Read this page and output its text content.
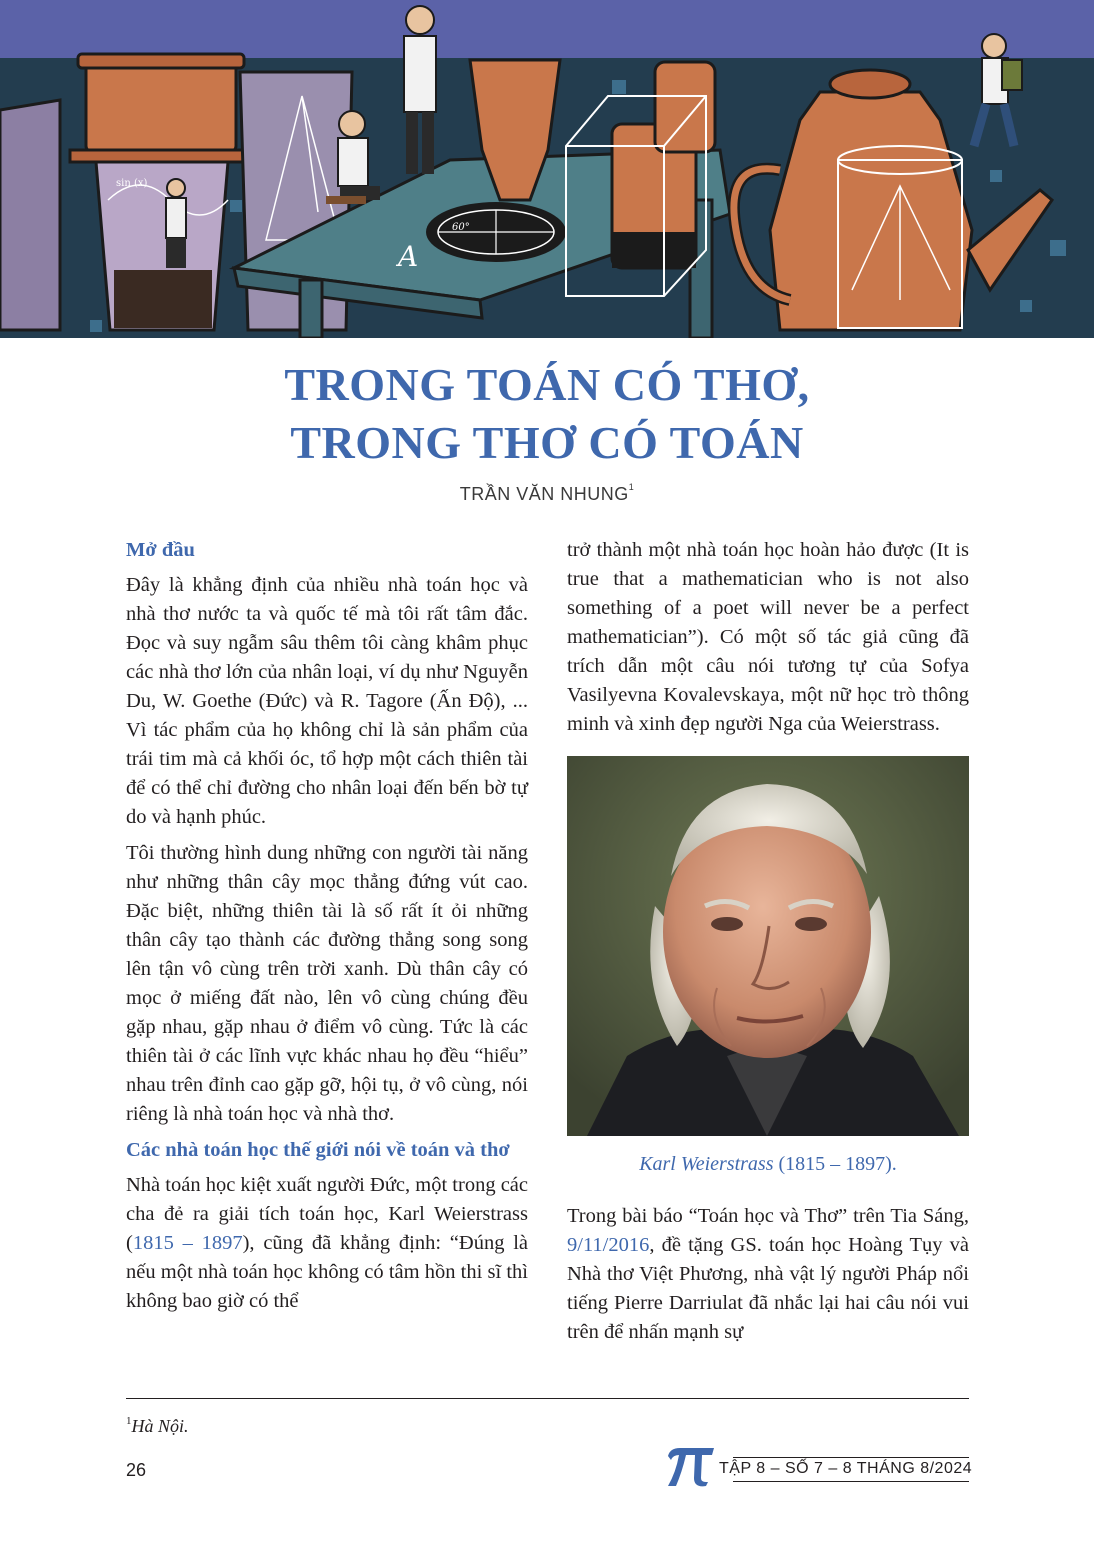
sin (x)
60°
A
TRONG TOÁN CÓ THƠ,
TRONG THƠ CÓ TOÁN
TRẦN VĂN NHUNG$^1$
Mở đầu

Đây là khẳng định của nhiều nhà toán học và nhà thơ nước ta và quốc tế mà tôi rất tâm đắc. Đọc và suy ngẫm sâu thêm tôi càng khâm phục các nhà thơ lớn của nhân loại, ví dụ như Nguyễn Du, W. Goethe (Đức) và R. Tagore (Ấn Độ), ... Vì tác phẩm của họ không chỉ là sản phẩm của trái tim mà cả khối óc, tổ hợp một cách thiên tài để có thể chỉ đường cho nhân loại đến bến bờ tự do và hạnh phúc.

Tôi thường hình dung những con người tài năng như những thân cây mọc thẳng đứng vút cao. Đặc biệt, những thiên tài là số rất ít ỏi những thân cây tạo thành các đường thẳng song song lên tận vô cùng trên trời xanh. Dù thân cây có mọc ở miếng đất nào, lên vô cùng chúng đều gặp nhau, gặp nhau ở điểm vô cùng. Tức là các thiên tài ở các lĩnh vực khác nhau họ đều “hiểu” nhau trên đỉnh cao gặp gỡ, hội tụ, ở vô cùng, nói riêng là nhà toán học và nhà thơ.

Các nhà toán học thế giới nói về toán và thơ

Nhà toán học kiệt xuất người Đức, một trong các cha đẻ ra giải tích toán học, Karl Weierstrass (1815 – 1897), cũng đã khẳng định: “Đúng là nếu một nhà toán học không có tâm hồn thi sĩ thì không bao giờ có thể

trở thành một nhà toán học hoàn hảo được (It is true that a mathematician who is not also something of a poet will never be a perfect mathematician”). Có một số tác giả cũng đã trích dẫn một câu nói tương tự của Sofya Vasilyevna Kovalevskaya, một nữ học trò thông minh và xinh đẹp người Nga của Weierstrass.

Karl Weierstrass (1815 – 1897).

Trong bài báo “Toán học và Thơ” trên Tia Sáng, 9/11/2016, đề tặng GS. toán học Hoàng Tụy và Nhà thơ Việt Phương, nhà vật lý người Pháp nổi tiếng Pierre Darriulat đã nhắc lại hai câu nói vui trên để nhấn mạnh sự

$^1$Hà Nội.
26	TẬP 8 – SỐ 7 – 8 THÁNG 8/2024
